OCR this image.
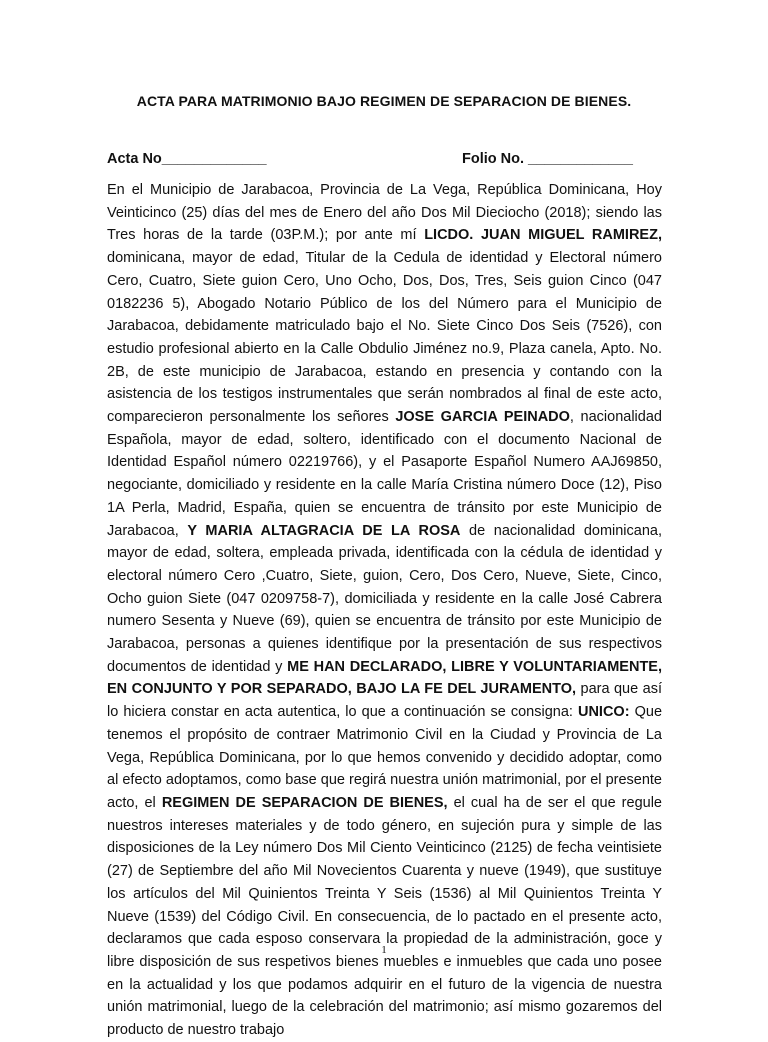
ACTA PARA MATRIMONIO BAJO REGIMEN DE SEPARACION DE BIENES.
Acta No_____________	Folio No. _____________

En el Municipio de Jarabacoa, Provincia de La Vega, República Dominicana, Hoy Veinticinco (25) días del mes de Enero del año Dos Mil Dieciocho (2018); siendo las Tres horas de la tarde (03P.M.); por ante mí LICDO. JUAN MIGUEL RAMIREZ, dominicana, mayor de edad, Titular de la Cedula de identidad y Electoral número Cero, Cuatro, Siete guion Cero, Uno Ocho, Dos, Dos, Tres, Seis guion Cinco (047 0182236 5), Abogado Notario Público de los del Número para el Municipio de Jarabacoa, debidamente matriculado bajo el No. Siete Cinco Dos Seis (7526), con estudio profesional abierto en la Calle Obdulio Jiménez no.9, Plaza canela, Apto. No. 2B, de este municipio de Jarabacoa, estando en presencia y contando con la asistencia de los testigos instrumentales que serán nombrados al final de este acto, comparecieron personalmente los señores JOSE GARCIA PEINADO, nacionalidad Española, mayor de edad, soltero, identificado con el documento Nacional de Identidad Español número 02219766), y el Pasaporte Español Numero AAJ69850, negociante, domiciliado y residente en la calle María Cristina número Doce (12), Piso 1A Perla, Madrid, España, quien se encuentra de tránsito por este Municipio de Jarabacoa, Y MARIA ALTAGRACIA DE LA ROSA de nacionalidad dominicana, mayor de edad, soltera, empleada privada, identificada con la cédula de identidad y electoral número Cero ,Cuatro, Siete, guion, Cero, Dos Cero, Nueve, Siete, Cinco, Ocho guion Siete (047 0209758-7), domiciliada y residente en la calle José Cabrera numero Sesenta y Nueve (69), quien se encuentra de tránsito por este Municipio de Jarabacoa, personas a quienes identifique por la presentación de sus respectivos documentos de identidad y ME HAN DECLARADO, LIBRE Y VOLUNTARIAMENTE, EN CONJUNTO Y POR SEPARADO, BAJO LA FE DEL JURAMENTO, para que así lo hiciera constar en acta autentica, lo que a continuación se consigna: UNICO: Que tenemos el propósito de contraer Matrimonio Civil en la Ciudad y Provincia de La Vega, República Dominicana, por lo que hemos convenido y decidido adoptar, como al efecto adoptamos, como base que regirá nuestra unión matrimonial, por el presente acto, el REGIMEN DE SEPARACION DE BIENES, el cual ha de ser el que regule nuestros intereses materiales y de todo género, en sujeción pura y simple de las disposiciones de la Ley número Dos Mil Ciento Veinticinco (2125) de fecha veintisiete (27) de Septiembre del año Mil Novecientos Cuarenta y nueve (1949), que sustituye los artículos del Mil Quinientos Treinta Y Seis (1536) al Mil Quinientos Treinta Y Nueve (1539) del Código Civil. En consecuencia, de lo pactado en el presente acto, declaramos que cada esposo conservara la propiedad de la administración, goce y libre disposición de sus respetivos bienes muebles e inmuebles que cada uno posee en la actualidad y los que podamos adquirir en el futuro de la vigencia de nuestra unión matrimonial, luego de la celebración del matrimonio; así mismo gozaremos del producto de nuestro trabajo

1
